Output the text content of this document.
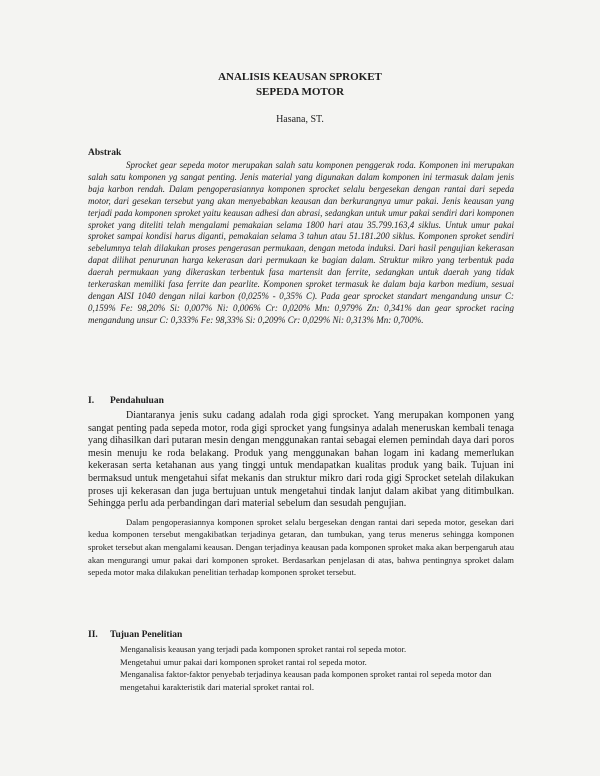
ANALISIS KEAUSAN SPROKET
SEPEDA MOTOR
Hasana, ST.
Abstrak
Sprocket gear sepeda motor merupakan salah satu komponen penggerak roda. Komponen ini merupakan salah satu komponen yg sangat penting. Jenis material yang digunakan dalam komponen ini termasuk dalam jenis baja karbon rendah. Dalam pengoperasiannya komponen sprocket selalu bergesekan dengan rantai dari sepeda motor, dari gesekan tersebut yang akan menyebabkan keausan dan berkurangnya umur pakai. Jenis keausan yang terjadi pada komponen sproket yaitu keausan adhesi dan abrasi, sedangkan untuk umur pakai sendiri dari komponen sproket yang diteliti telah mengalami pemakaian selama 1800 hari atau 35.799.163,4 siklus. Untuk umur pakai sproket sampai kondisi harus diganti, pemakaian selama 3 tahun atau 51.181.200 siklus. Komponen sproket sendiri sebelumnya telah dilakukan proses pengerasan permukaan, dengan metoda induksi. Dari hasil pengujian kekerasan dapat dilihat penurunan harga kekerasan dari permukaan ke bagian dalam. Struktur mikro yang terbentuk pada daerah permukaan yang dikeraskan terbentuk fasa martensit dan ferrite, sedangkan untuk daerah yang tidak terkeraskan memiliki fasa ferrite dan pearlite. Komponen sproket termasuk ke dalam baja karbon medium, sesuai dengan AISI 1040 dengan nilai karbon (0,025% - 0,35% C). Pada gear sprocket standart mengandung unsur C: 0,159% Fe: 98,20% Si: 0,007% Ni: 0,006% Cr: 0,020% Mn: 0,979% Zn: 0,341% dan gear sprocket racing mengandung unsur C: 0,333% Fe: 98,33% Si: 0,209% Cr: 0,029% Ni: 0,313% Mn: 0,700%.
I. Pendahuluan

Diantaranya jenis suku cadang adalah roda gigi sprocket. Yang merupakan komponen yang sangat penting pada sepeda motor, roda gigi sprocket yang fungsinya adalah meneruskan kembali tenaga yang dihasilkan dari putaran mesin dengan menggunakan rantai sebagai elemen pemindah daya dari poros mesin menuju ke roda belakang. Produk yang menggunakan bahan logam ini kadang memerlukan kekerasan serta ketahanan aus yang tinggi untuk mendapatkan kualitas produk yang baik. Tujuan ini bermaksud untuk mengetahui sifat mekanis dan struktur mikro dari roda gigi Sprocket setelah dilakukan proses uji kekerasan dan juga bertujuan untuk mengetahui tindak lanjut dalam akibat yang ditimbulkan. Sehingga perlu ada perbandingan dari material sebelum dan sesudah pengujian.

Dalam pengoperasiannya komponen sproket selalu bergesekan dengan rantai dari sepeda motor, gesekan dari kedua komponen tersebut mengakibatkan terjadinya getaran, dan tumbukan, yang terus menerus sehingga komponen sproket tersebut akan mengalami keausan. Dengan terjadinya keausan pada komponen sproket maka akan berpengaruh atau akan mengurangi umur pakai dari komponen sproket. Berdasarkan penjelasan di atas, bahwa pentingnya sproket dalam sepeda motor maka dilakukan penelitian terhadap komponen sproket tersebut.

II. Tujuan Penelitian
Menganalisis keausan yang terjadi pada komponen sproket rantai rol sepeda motor.
Mengetahui umur pakai dari komponen sproket rantai rol sepeda motor.
Menganalisa faktor-faktor penyebab terjadinya keausan pada komponen sproket rantai rol sepeda motor dan mengetahui karakteristik dari material sproket rantai rol.
